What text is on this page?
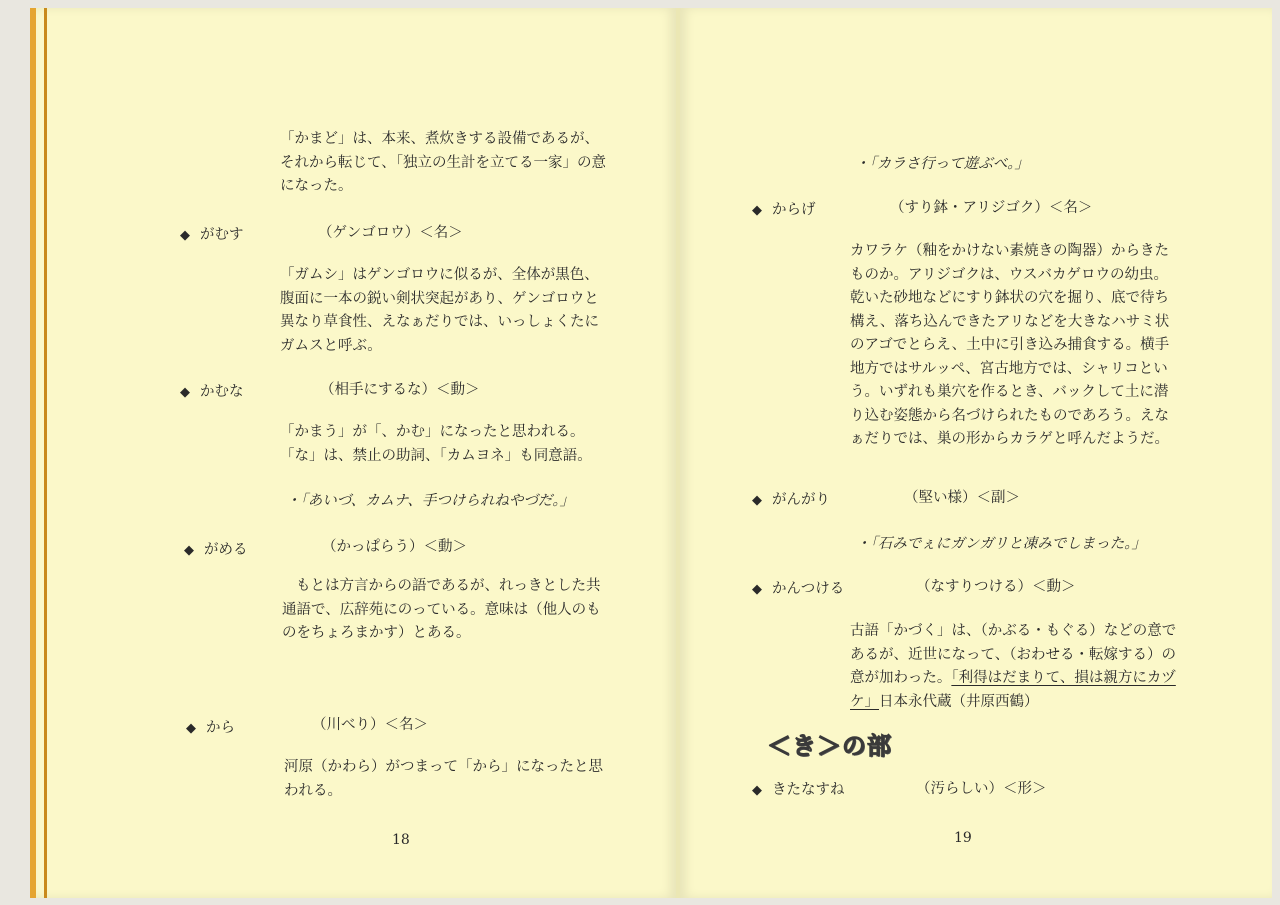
「かまど」は、本来、煮炊きする設備であるが、それから転じて、「独立の生計を立てる一家」の意になった。
◆ がむす	（ゲンゴロウ）＜名＞
「ガムシ」はゲンゴロウに似るが、全体が黒色、腹面に一本の鋭い剣状突起があり、ゲンゴロウと異なり草食性、えなぁだりでは、いっしょくたにガムスと呼ぶ。
◆ かむな	（相手にするな）＜動＞
「かまう」が「、かむ」になったと思われる。「な」は、禁止の助詞、「カムヨネ」も同意語。
・「あいづ、カムナ、手つけられねやづだ。」
◆ がめる	（かっぱらう）＜動＞
もとは方言からの語であるが、れっきとした共通語で、広辞苑にのっている。意味は（他人のものをちょろまかす）とある。
◆ から	（川べり）＜名＞
河原（かわら）がつまって「から」になったと思われる。
18
・「カラさ行って遊ぶべ。」
◆ からげ	（すり鉢・アリジゴク）＜名＞
カワラケ（釉をかけない素焼きの陶器）からきたものか。アリジゴクは、ウスバカゲロウの幼虫。乾いた砂地などにすり鉢状の穴を掘り、底で待ち構え、落ち込んできたアリなどを大きなハサミ状のアゴでとらえ、土中に引き込み捕食する。横手地方ではサルッペ、宮古地方では、シャリコという。いずれも巣穴を作るとき、バックして土に潜り込む姿態から名づけられたものであろう。えなぁだりでは、巣の形からカラゲと呼んだようだ。
◆ がんがり	（堅い様）＜副＞
・「石みでぇにガンガリと凍みでしまった。」
◆ かんつける	（なすりつける）＜動＞
古語「かづく」は、（かぶる・もぐる）などの意であるが、近世になって、（おわせる・転嫁する）の意が加わった。「利得はだまりて、損は親方にカヅケ」日本永代蔵（井原西鶴）
＜き＞の部
◆ きたなすね	（汚らしい）＜形＞
19
